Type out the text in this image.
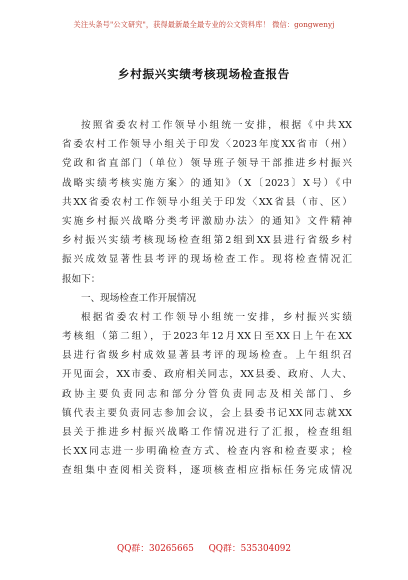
关注头条号"公文研究"，获得最新最全最专业的公文资料库！ 微信：gongwenyj
乡村振兴实绩考核现场检查报告
按照省委农村工作领导小组统一安排，根据《中共XX
省委农村工作领导小组关于印发〈2023年度XX省市（州）
党政和省直部门（单位）领导班子领导干部推进乡村振兴
战略实绩考核实施方案〉的通知》（X〔2023〕X号）《中
共XX省委农村工作领导小组关于印发〈XX省县（市、区）
实施乡村振兴战略分类考评激励办法〉的通知》文件精神
乡村振兴实绩考核现场检查组第2组到XX县进行省级乡村
振兴成效显著性县考评的现场检查工作。现将检查情况汇
报如下：
一、现场检查工作开展情况
根据省委农村工作领导小组统一安排，乡村振兴实绩
考核组（第二组），于2023年12月XX日至XX日上午在XX
县进行省级乡村成效显著县考评的现场检查。上午组织召
开见面会，XX市委、政府相关同志，XX县委、政府、人大、
政协主要负责同志和部分分管负责同志及相关部门、乡
镇代表主要负责同志参加会议，会上县委书记XX同志就XX
县关于推进乡村振兴战略工作情况进行了汇报，检查组组
长XX同志进一步明确检查方式、检查内容和检查要求；检
查组集中查阅相关资料，逐项核查相应指标任务完成情况
QQ群：30265665 QQ群：535304092
